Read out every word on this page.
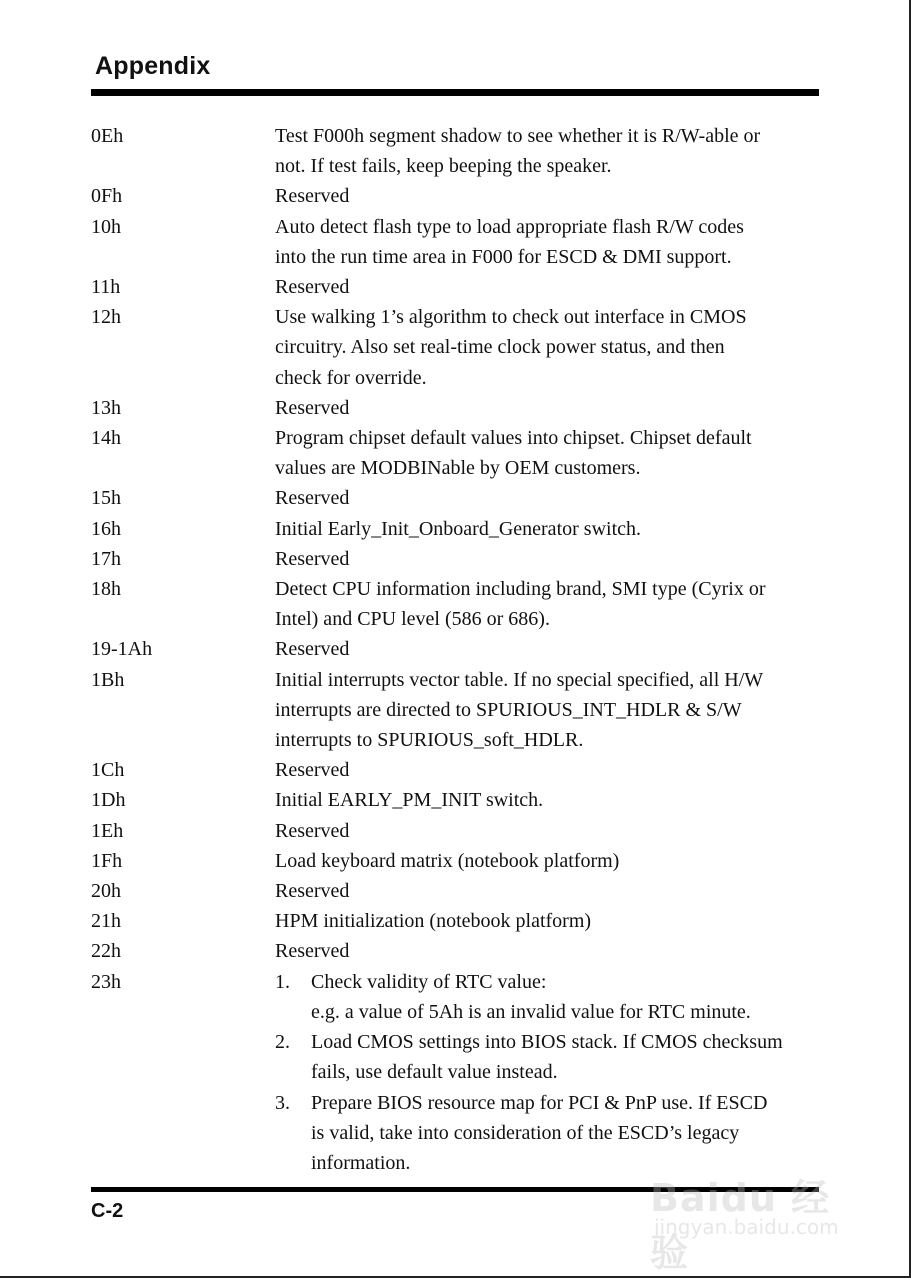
Appendix
0Eh	Test F000h segment shadow to see whether it is R/W-able or
not. If test fails, keep beeping the speaker.
0Fh	Reserved
10h	Auto detect flash type to load appropriate flash R/W codes
into the run time area in F000 for ESCD & DMI support.
11h	Reserved
12h	Use walking 1’s algorithm to check out interface in CMOS
circuitry. Also set real-time clock power status, and then
check for override.
13h	Reserved
14h	Program chipset default values into chipset. Chipset default
values are MODBINable by OEM customers.
15h	Reserved
16h	Initial Early_Init_Onboard_Generator switch.
17h	Reserved
18h	Detect CPU information including brand, SMI type (Cyrix or
Intel) and CPU level (586 or 686).
19-1Ah	Reserved
1Bh	Initial interrupts vector table. If no special specified, all H/W
interrupts are directed to SPURIOUS_INT_HDLR & S/W
interrupts to SPURIOUS_soft_HDLR.
1Ch	Reserved
1Dh	Initial EARLY_PM_INIT switch.
1Eh	Reserved
1Fh	Load keyboard matrix (notebook platform)
20h	Reserved
21h	HPM initialization (notebook platform)
22h	Reserved
23h	1.	Check validity of RTC value:
e.g. a value of 5Ah is an invalid value for RTC minute.
2.	Load CMOS settings into BIOS stack. If CMOS checksum
fails, use default value instead.
3.	Prepare BIOS resource map for PCI & PnP use. If ESCD
is valid, take into consideration of the ESCD’s legacy
information.
C-2	Baidu 经验
jingyan.baidu.com
